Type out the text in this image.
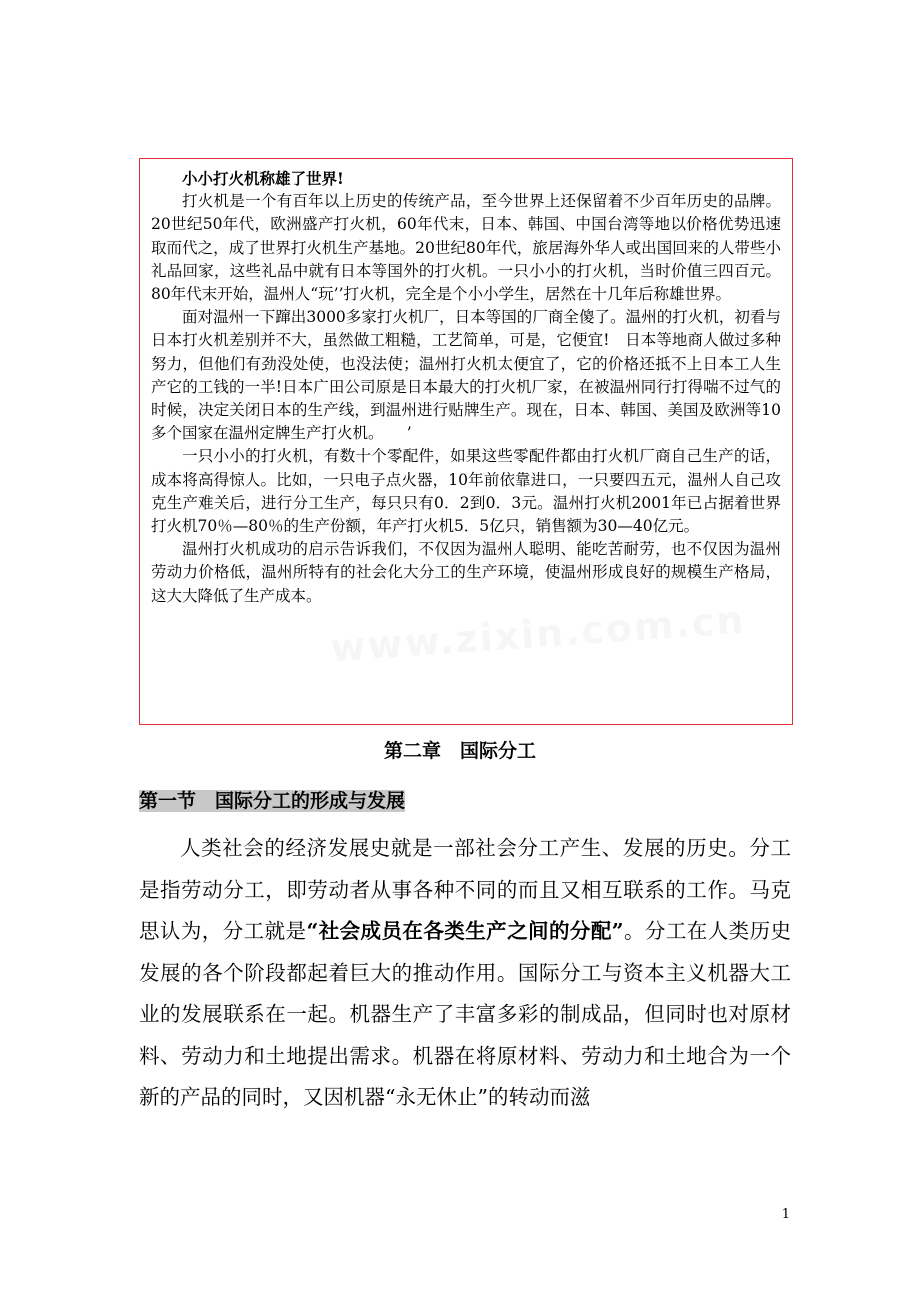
小小打火机称雄了世界!

打火机是一个有百年以上历史的传统产品，至今世界上还保留着不少百年历史的品牌。20世纪50年代，欧洲盛产打火机，60年代末，日本、韩国、中国台湾等地以价格优势迅速取而代之，成了世界打火机生产基地。20世纪80年代，旅居海外华人或出国回来的人带些小礼品回家，这些礼品中就有日本等国外的打火机。一只小小的打火机，当时价值三四百元。80年代末开始，温州人“玩’’打火机，完全是个小小学生，居然在十几年后称雄世界。

面对温州一下蹿出3000多家打火机厂，日本等国的厂商全傻了。温州的打火机，初看与日本打火机差别并不大，虽然做工粗糙，工艺简单，可是，它便宜!　日本等地商人做过多种努力，但他们有劲没处使，也没法使；温州打火机太便宜了，它的价格还抵不上日本工人生产它的工钱的一半!日本广田公司原是日本最大的打火机厂家，在被温州同行打得喘不过气的时候，决定关闭日本的生产线，到温州进行贴牌生产。现在，日本、韩国、美国及欧洲等10多个国家在温州定牌生产打火机。　　’

一只小小的打火机，有数十个零配件，如果这些零配件都由打火机厂商自己生产的话，成本将高得惊人。比如，一只电子点火器，10年前依靠进口，一只要四五元，温州人自己攻克生产难关后，进行分工生产，每只只有0．2到0．3元。温州打火机2001年已占据着世界打火机70％—80％的生产份额，年产打火机5．5亿只，销售额为30—40亿元。

温州打火机成功的启示告诉我们，不仅因为温州人聪明、能吃苦耐劳，也不仅因为温州劳动力价格低，温州所特有的社会化大分工的生产环境，使温州形成良好的规模生产格局，这大大降低了生产成本。

www.zixin.com.cn
第二章　国际分工
第一节　国际分工的形成与发展

人类社会的经济发展史就是一部社会分工产生、发展的历史。分工是指劳动分工，即劳动者从事各种不同的而且又相互联系的工作。马克思认为，分工就是“社会成员在各类生产之间的分配”。分工在人类历史发展的各个阶段都起着巨大的推动作用。国际分工与资本主义机器大工业的发展联系在一起。机器生产了丰富多彩的制成品，但同时也对原材料、劳动力和土地提出需求。机器在将原材料、劳动力和土地合为一个新的产品的同时，又因机器“永无休止”的转动而滋

1
